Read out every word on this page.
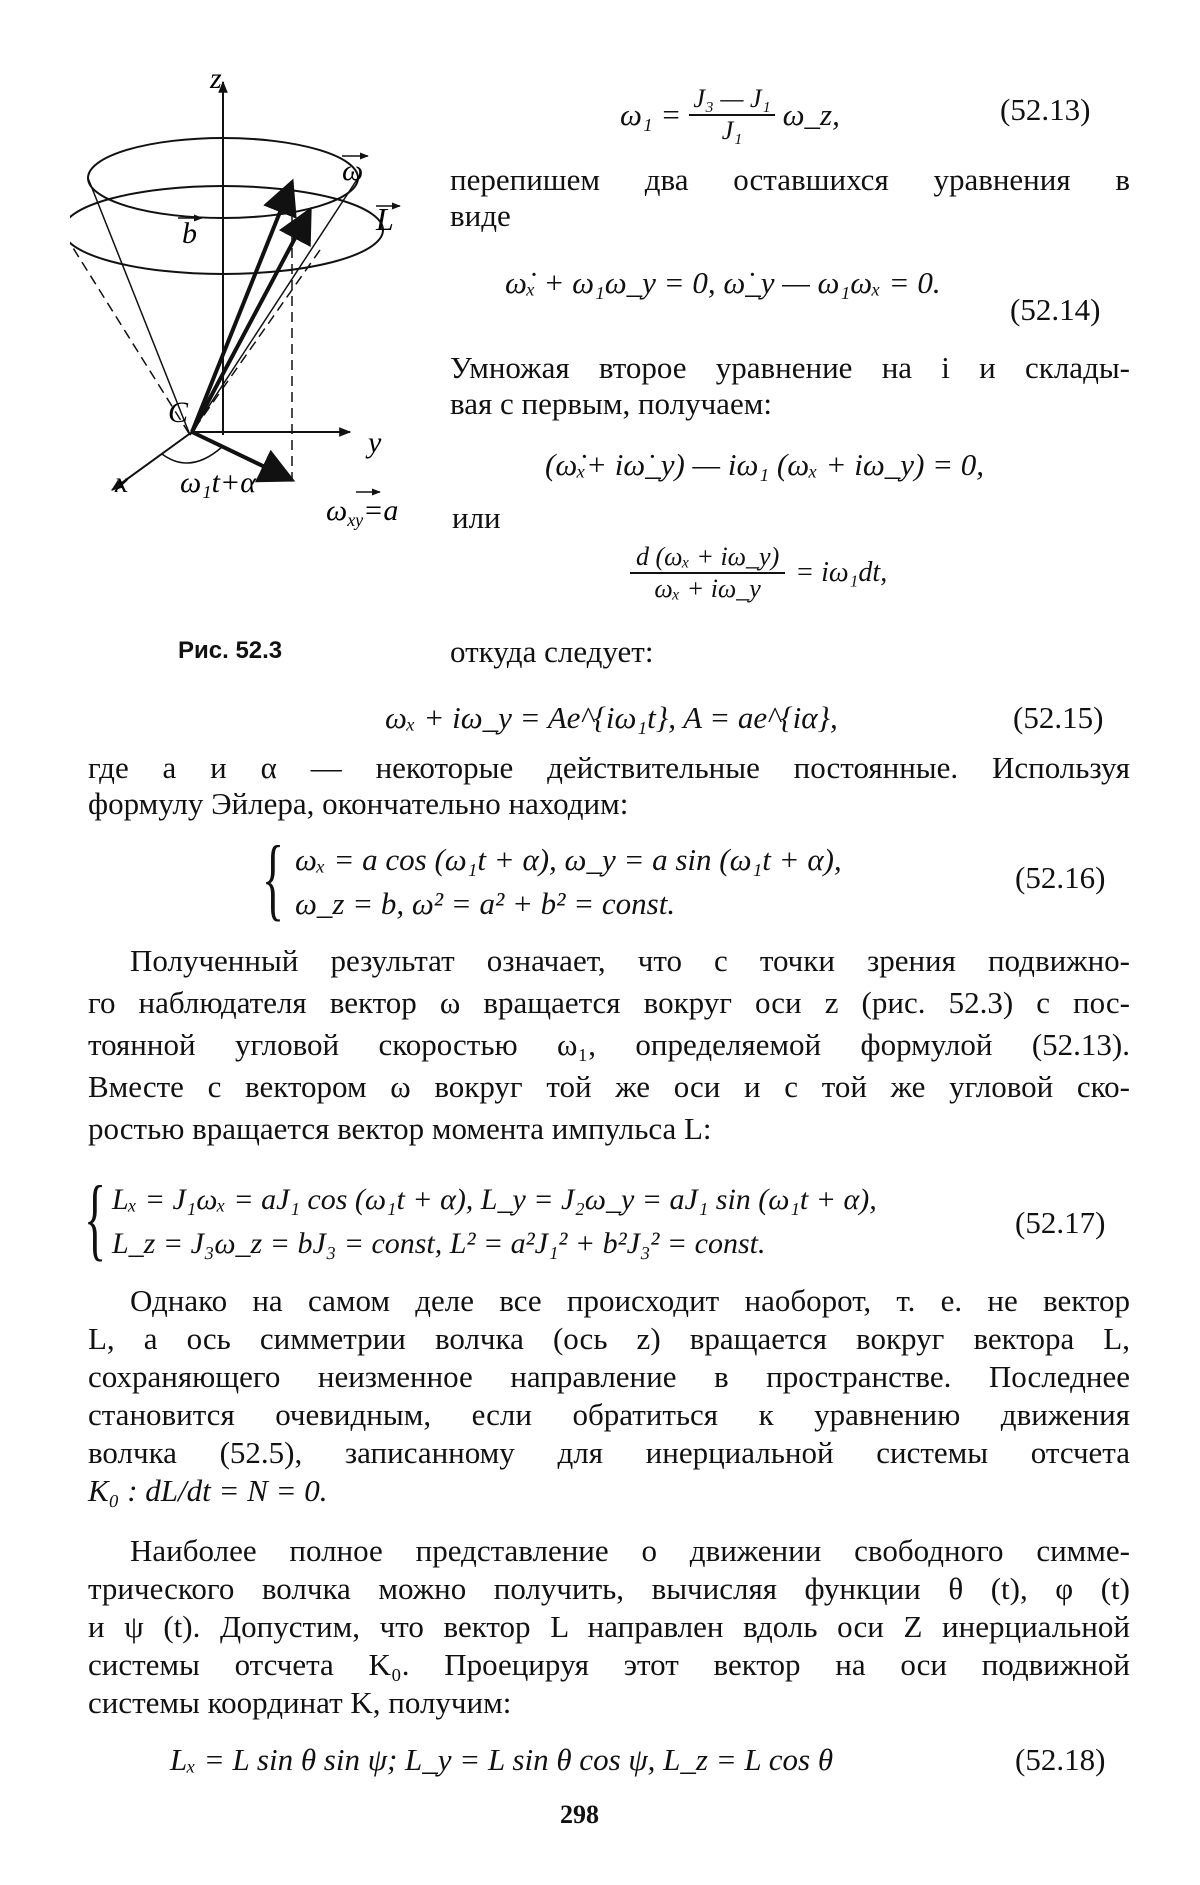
z
ω
b	L
C
y
x ω₁t+α
$\omega_{xy}=a$
Рис. 52.3
$\omega_1 = \frac{\text{J₃ — J₁}}{\text{J₁}}$ ω_z,	(52.13)
перепишем два оставшихся уравнения в
виде
ω̇ₓ + ω₁ω_y = 0, ω̇_y — ω₁ωₓ = 0.
(52.14)
Умножая второе уравнение на i и склады-
вая с первым, получаем:
(ω̇ₓ+ iω̇_y) — iω₁ (ωₓ + iω_y) = 0,
или
$\frac{\text{d (ωₓ + iω\_y)}}{\text{ωₓ + iω\_y}} = i\omega_1dt$,
откуда следует:
ωₓ + iω_y = Ae^{iω₁t}, A = ae^{iα},	(52.15)
где a и α — некоторые действительные постоянные. Используя
формулу Эйлера, окончательно находим:
{ ωₓ = a cos (ω₁t + α), ω_y = a sin (ω₁t + α),
ω_z = b, ω² = a² + b² = const.
(52.16)
Полученный результат означает, что с точки зрения подвижно-
го наблюдателя вектор ω вращается вокруг оси z (рис. 52.3) с пос-
тоянной угловой скоростью ω₁, определяемой формулой (52.13).
Вместе с вектором ω вокруг той же оси и с той же угловой ско-
ростью вращается вектор момента импульса L:
{ Lₓ = J₁ωₓ = aJ₁ cos (ω₁t + α), L_y = J₂ω_y = aJ₁ sin (ω₁t + α),
L_z = J₃ω_z = bJ₃ = const, L² = a²J₁² + b²J₃² = const.
(52.17)
Однако на самом деле все происходит наоборот, т. е. не вектор
L, а ось симметрии волчка (ось z) вращается вокруг вектора L,
сохраняющего неизменное направление в пространстве. Последнее
становится очевидным, если обратиться к уравнению движения
волчка (52.5), записанному для инерциальной системы отсчета
K₀ : dL/dt = N = 0.
Наиболее полное представление о движении свободного симме-
трического волчка можно получить, вычисляя функции θ (t), φ (t)
и ψ (t). Допустим, что вектор L направлен вдоль оси Z инерциальной
системы отсчета K₀. Проецируя этот вектор на оси подвижной
системы координат K, получим:
Lₓ = L sin θ sin ψ; L_y = L sin θ cos ψ, L_z = L cos θ	(52.18)
298
